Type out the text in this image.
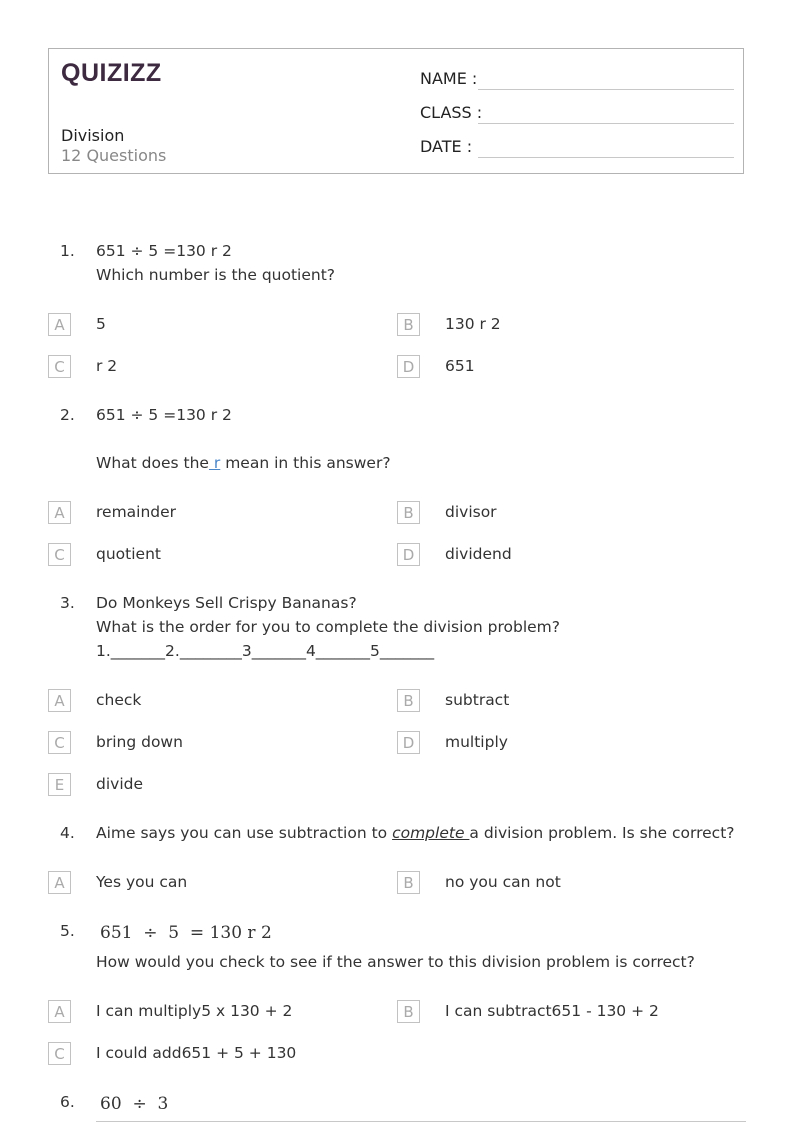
QUIZIZZ
Division
12 Questions
NAME :
CLASS :
DATE :
1. 651 ÷ 5 =130 r 2
Which number is the quotient?
A	5	B	130 r 2
C	r 2	D	651
2. 651 ÷ 5 =130 r 2
What does the r mean in this answer?
A	remainder	B	divisor
C	quotient	D	dividend
3. Do Monkeys Sell Crispy Bananas?
What is the order for you to complete the division problem?
1._______2.________3_______4_______5_______
A	check	B	subtract
C	bring down	D	multiply
E	divide
4. Aime says you can use subtraction to complete a division problem. Is she correct?
A	Yes you can	B	no you can not
5. 651  ÷  5  = 130 r 2
How would you check to see if the answer to this division problem is correct?
A	I can multiply5 x 130 + 2	B	I can subtract651 - 130 + 2
C	I could add651 + 5 + 130
6. 60  ÷  3
